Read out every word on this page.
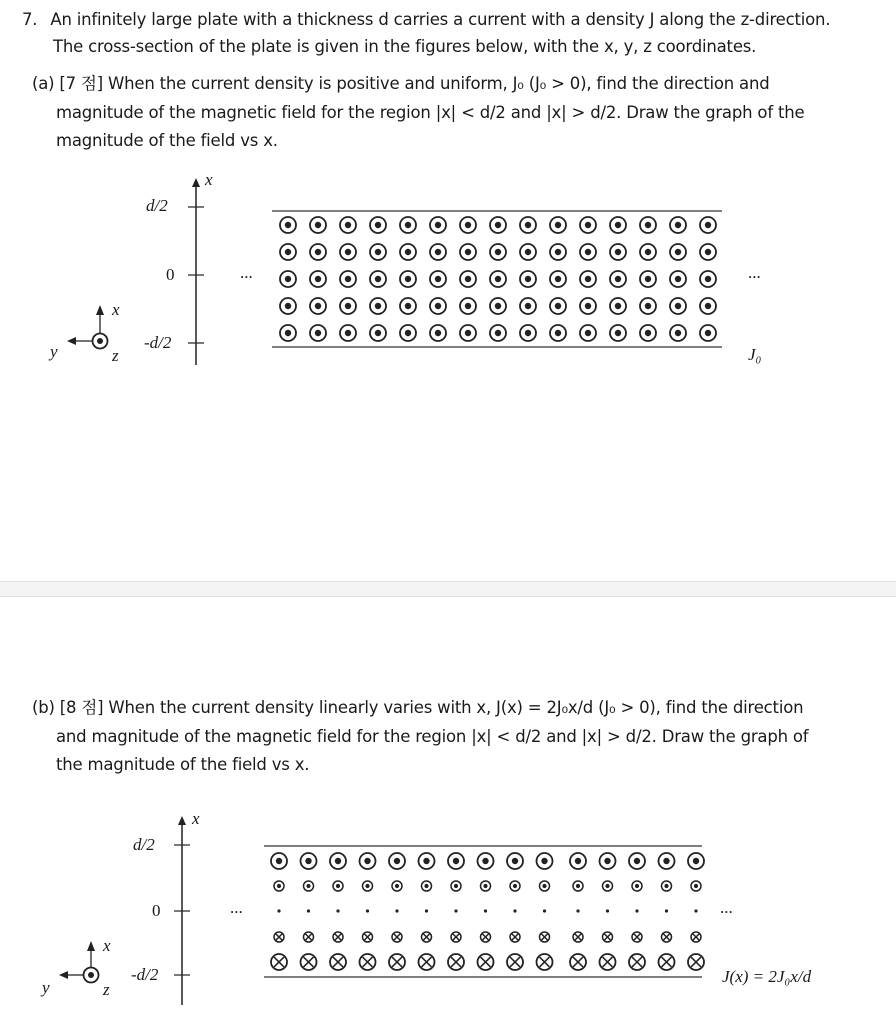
7. An infinitely large plate with a thickness d carries a current with a density J along the z-direction.
The cross-section of the plate is given in the figures below, with the x, y, z coordinates.
(a) [7 점] When the current density is positive and uniform, J₀ (J₀ > 0), find the direction and
magnitude of the magnetic field for the region |x| < d/2 and |x| > d/2. Draw the graph of the
magnitude of the field vs x.
x
d/2
0
-d/2
...	...
J₀
x
y	z
(b) [8 점] When the current density linearly varies with x, J(x) = 2J₀x/d (J₀ > 0), find the direction
and magnitude of the magnetic field for the region |x| < d/2 and |x| > d/2. Draw the graph of
the magnitude of the field vs x.
x
d/2
0
-d/2
...	...
J(x) = 2J₀x/d
x
y	z
